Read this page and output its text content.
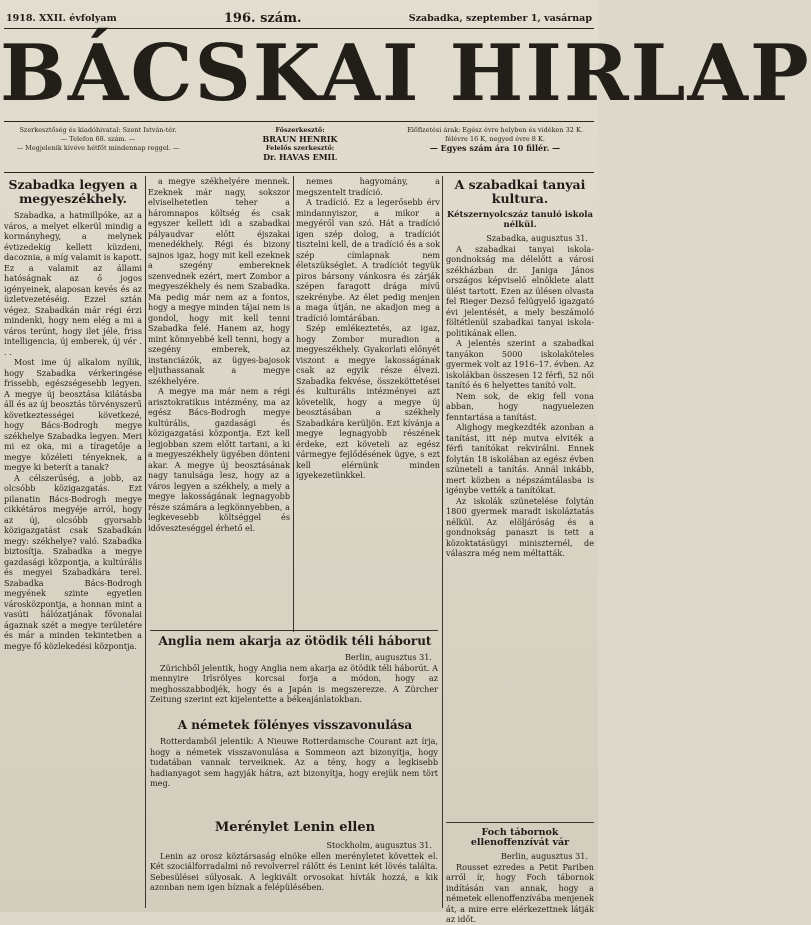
1918. XXII. évfolyam	196. szám.	Szabadka, szeptember 1, vasárnap
BÁCSKAI HIRLAP
Szerkesztőség és kiadóhivatal: Szent István-tér.
— Telefon 68. szám. —
— Megjelenik kivéve hétfőt mindennap reggel. —
Főszerkesztő:
BRAUN HENRIK
Felelős szerkesztő:
Dr. HAVAS EMIL
Előfizetési árak: Egész évre helyben és vidéken 32 K.
félévre 16 K, negyed évre 8 K.
— Egyes szám ára 10 fillér. —
Szabadka legyen a megyeszékhely.

Szabadka, a hatmillpóke, az a város, a melyet elkerül mindig a kormányhegy, a melynek évtizedekig kellett küzdeni, dacoznia, a míg valamit is kapott. Ez a valamit az állami hatóságnak az ő jogos igényeinek, alaposan kevés és az üzletvezetéséig. Ezzel sztán végez. Szabadkán már régi érzi mindenki, hogy nem elég a mi a város terúnt, hogy ilet jéle, friss intelligencia, új emberek, új vér . . .

Most ime új alkalom nyílik, hogy Szabadka vérkeringése frissebb, egészségesebb legyen. A megye új beosztása kilátásba áll és az új beosztás törvényszerű következtességei következé, hogy Bács-Bodrogh megye székhelye Szabadka legyen. Meri mi ez oka, mi a tíragetője a megye közéleti tényeknek, a megye ki beterít a tanak?

A célszerűség, a jobb, az olcsóbb közigazgatás. Ezt pilanatin Bács-Bodrogh megye cikkétáros megyéje arról, hogy az új, olcsóbb gyorsabb közigazgatást csak Szabadkán megy: székhelye? való. Szabadka biztosítja. Szabadka a megye gazdasági központja, a kultúrális és megyei Szabadkára terel. Szabadka Bács-Bodrogh megyének szinte egyetlen városközpontja, a honnan mint a vasúti hálózatjának fővonalai ágaznak szét a megye területére és már a minden tekintetben a megye fő közlekedési központja.

a megye székhelyére mennek. Ezeknek már nagy, sokszor elviselhetetlen teher a háromnapos költség és csak egyszer kellett idi a szabadkai pályaudvar előtt éjszakai menedékhely. Régi és bizony sajnos igaz, hogy mit kell ezeknek a szegény embereknek szenvednek ezért, mert Zombor a megyeszékhely és nem Szabadka. Ma pedig már nem az a fontos, hogy a megye minden tájai nem is gondol, hogy mit kell tenni Szabadka felé. Hanem az, hogy mint könnyebbé kell tenni, hogy a szegény emberek, az instanciázók, az ügyes-bajosok eljuthassanak a megye székhelyére.

A megye ma már nem a régi arisztokratikus intézmény, ma az egész Bács-Bodrogh megye kultúrális, gazdasági és közigazgatási központja. Ezt kell legjobban szem előtt tartani, a ki a megyeszékhely ügyében dönteni akar. A megye új beosztásának nagy tanulsága lesz, hogy az a város legyen a székhely, a mely a megye lakosságának legnagyobb része számára a legkönnyebben, a legkevesebb költséggel és időveszteséggel érhető el.

nemes hagyomány, a megszentelt tradíció.

A tradíció. Ez a legerősebb érv mindannyiszor, a mikor a megyéről van szó. Hát a tradíció igen szép dolog, a tradíciót tisztelni kell, de a tradíció és a sok szép címlapnak nem életszükséglet. A tradíciót tegyük piros bársony vánkosra és zárják szépen faragott drága mívű szekrénybe. Az élet pedig menjen a maga útján, ne akadjon meg a tradíció lomtárában.

Szép emlékeztetés, az igaz, hogy Zombor muradion a megyeszékhely. Gyakorlati előnyét viszont a megye lakosságának csak az egyik része élvezi. Szabadka fekvése, összeköttetései és kulturális intézményei azt követelik, hogy a megye új beosztásában a székhely Szabadkára kerüljön. Ezt kívánja a megye legnagyobb részének érdeke, ezt követeli az egész vármegye fejlődésének ügye, s ezt kell elérnünk minden igyekezetünkkel.

Anglia nem akarja az ötödik téli háborut
Berlin, augusztus 31.

Zürichből jelentik, hogy Anglia nem akarja az ötödik téli háborút. A mennyire Irlsrölyes korcsai forja a módon, hogy az meghosszabbodjék, hogy és a Japán is megszerezze. A Zürcher Zeitung szerint ezt kijelentette a békeajánlatokban.

A németek fölényes visszavonulása

Rotterdamból jelentik: A Nieuwe Rotterdamsche Courant azt írja, hogy a németek visszavonulása a Sommeon azt bizonyítja, hogy tudatában vannak terveiknek. Az a tény, hogy a legkisebb hadianyagot sem hagyják hátra, azt bizonyítja, hogy erejük nem tört meg.

Merénylet Lenin ellen
Stockholm, augusztus 31.

Lenin az orosz köztársaság elnöke ellen merényletet követtek el. Két szociálforradalmi nő revolverrel rálőtt és Lenint két lövés találta. Sebesülései súlyosak. A legkivált orvosokat hívták hozzá, a kik azonban nem igen bíznak a felépülésében.

A szabadkai tanyai kultura.
Kétszernyolcszáz tanuló iskola nélkül.
Szabadka, augusztus 31.

A szabadkai tanyai iskola-gondnokság ma délelőtt a városi székházban dr. Janiga János országos képviselő elnöklete alatt ülést tartott. Ezen az ülésen olvasta fel Rieger Dezső felügyelő igazgató évi jelentését, a mely beszámoló föltétlenül szabadkai tanyai iskola-politikának ellen.

A jelentés szerint a szabadkai tanyákon 5000 iskolaköteles gyermek volt az 1916–17. évben. Az iskolákban összesen 12 férfi, 52 női tanító és 6 helyettes tanító volt.

Nem sok, de ekig fell vona abban, hogy nagyuelezen fenntartása a tanítást.

Alighogy megkezdték azonban a tanítást, itt nép mutva elviték a férfi tanítókat rekvirálni. Ennek folytán 18 iskolában az egész évben szüneteli a tanítás. Annál inkább, mert közben a népszámtálasba is igénybe vették a tanítókat.

Az iskolák szünetelése folytán 1800 gyermek maradt iskoláztatás nélkül. Az elöljáróság és a gondnokság panaszt is tett a közoktatásügyi miniszternél, de válaszra még nem méltatták.

Foch tábornok ellenoffenzívát vár
Berlin, augusztus 31.

Rousset ezredes a Petit Pariben arról ír, hogy Foch tábornok indításán van annak, hogy a németek ellenoffenzívába menjenek át, a mire erre elérkezettnek látják az időt.
